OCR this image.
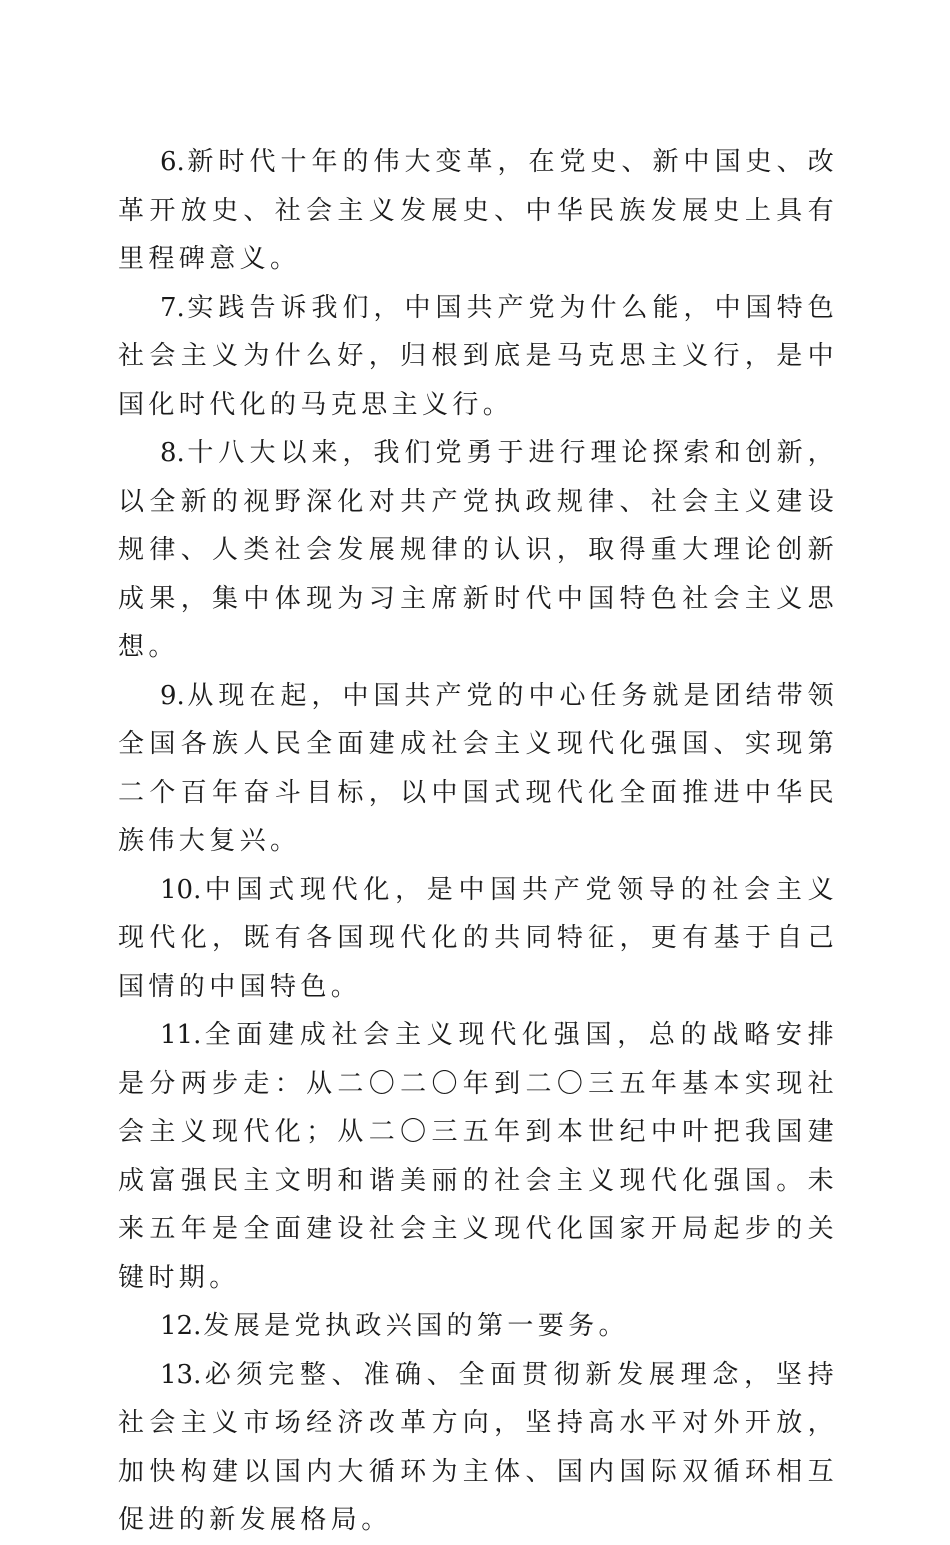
6.新时代十年的伟大变革，在党史、新中国史、改革开放史、社会主义发展史、中华民族发展史上具有里程碑意义。

7.实践告诉我们，中国共产党为什么能，中国特色社会主义为什么好，归根到底是马克思主义行，是中国化时代化的马克思主义行。

8.十八大以来，我们党勇于进行理论探索和创新，以全新的视野深化对共产党执政规律、社会主义建设规律、人类社会发展规律的认识，取得重大理论创新成果，集中体现为习主席新时代中国特色社会主义思想。

9.从现在起，中国共产党的中心任务就是团结带领全国各族人民全面建成社会主义现代化强国、实现第二个百年奋斗目标，以中国式现代化全面推进中华民族伟大复兴。

10.中国式现代化，是中国共产党领导的社会主义现代化，既有各国现代化的共同特征，更有基于自己国情的中国特色。

11.全面建成社会主义现代化强国，总的战略安排是分两步走：从二〇二〇年到二〇三五年基本实现社会主义现代化；从二〇三五年到本世纪中叶把我国建成富强民主文明和谐美丽的社会主义现代化强国。未来五年是全面建设社会主义现代化国家开局起步的关键时期。

12.发展是党执政兴国的第一要务。

13.必须完整、准确、全面贯彻新发展理念，坚持社会主义市场经济改革方向，坚持高水平对外开放，加快构建以国内大循环为主体、国内国际双循环相互促进的新发展格局。
